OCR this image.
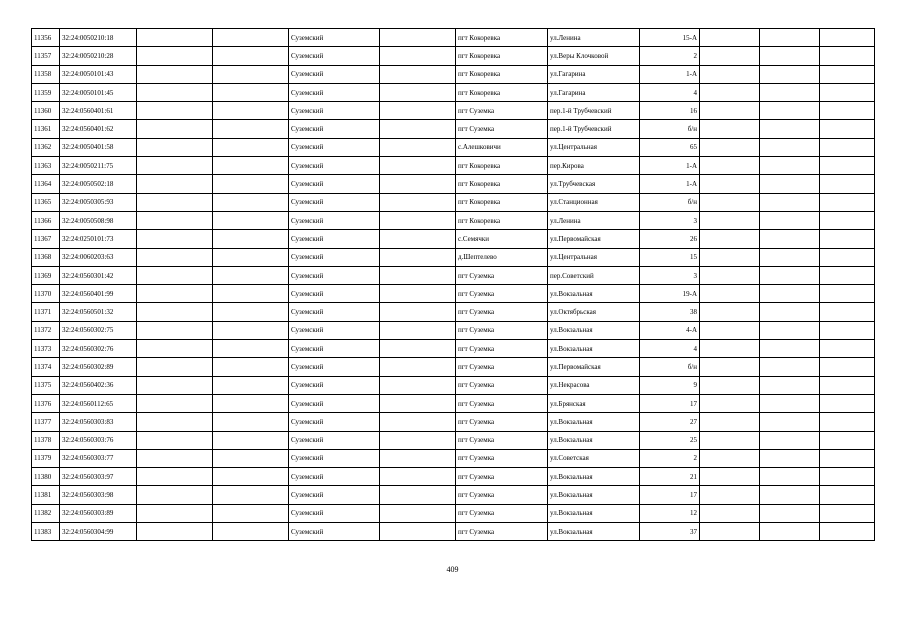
11356	32:24:0050210:18			Суземский		пгт Кокоревка	ул.Ленина	15-А			
11357	32:24:0050210:28			Суземский		пгт Кокоревка	ул.Веры Клочковой	2			
11358	32:24:0050101:43			Суземский		пгт Кокоревка	ул.Гагарина	1-А			
11359	32:24:0050101:45			Суземский		пгт Кокоревка	ул.Гагарина	4			
11360	32:24:0560401:61			Суземский		пгт Суземка	пер.1-й Трубчевский	16			
11361	32:24:0560401:62			Суземский		пгт Суземка	пер.1-й Трубчевский	б/н			
11362	32:24:0050401:58			Суземский		с.Алешковичи	ул.Центральная	65			
11363	32:24:0050211:75			Суземский		пгт Кокоревка	пер.Кирова	1-А			
11364	32:24:0050502:18			Суземский		пгт Кокоревка	ул.Трубчевская	1-А			
11365	32:24:0050305:93			Суземский		пгт Кокоревка	ул.Станционная	б/н			
11366	32:24:0050508:98			Суземский		пгт Кокоревка	ул.Ленина	3			
11367	32:24:0250101:73			Суземский		с.Семячки	ул.Первомайская	26			
11368	32:24:0060203:63			Суземский		д.Шептелево	ул.Центральная	15			
11369	32:24:0560301:42			Суземский		пгт Суземка	пер.Советский	3			
11370	32:24:0560401:99			Суземский		пгт Суземка	ул.Вокзальная	19-А			
11371	32:24:0560501:32			Суземский		пгт Суземка	ул.Октябрьская	38			
11372	32:24:0560302:75			Суземский		пгт Суземка	ул.Вокзальная	4-А			
11373	32:24:0560302:76			Суземский		пгт Суземка	ул.Вокзальная	4			
11374	32:24:0560302:89			Суземский		пгт Суземка	ул.Первомайская	б/н			
11375	32:24:0560402:36			Суземский		пгт Суземка	ул.Некрасова	9			
11376	32:24:0560112:65			Суземский		пгт Суземка	ул.Брянская	17			
11377	32:24:0560303:83			Суземский		пгт Суземка	ул.Вокзальная	27			
11378	32:24:0560303:76			Суземский		пгт Суземка	ул.Вокзальная	25			
11379	32:24:0560303:77			Суземский		пгт Суземка	ул.Советская	2			
11380	32:24:0560303:97			Суземский		пгт Суземка	ул.Вокзальная	21			
11381	32:24:0560303:98			Суземский		пгт Суземка	ул.Вокзальная	17			
11382	32:24:0560303:89			Суземский		пгт Суземка	ул.Вокзальная	12			
11383	32:24:0560304:99			Суземский		пгт Суземка	ул.Вокзальная	37			
409
